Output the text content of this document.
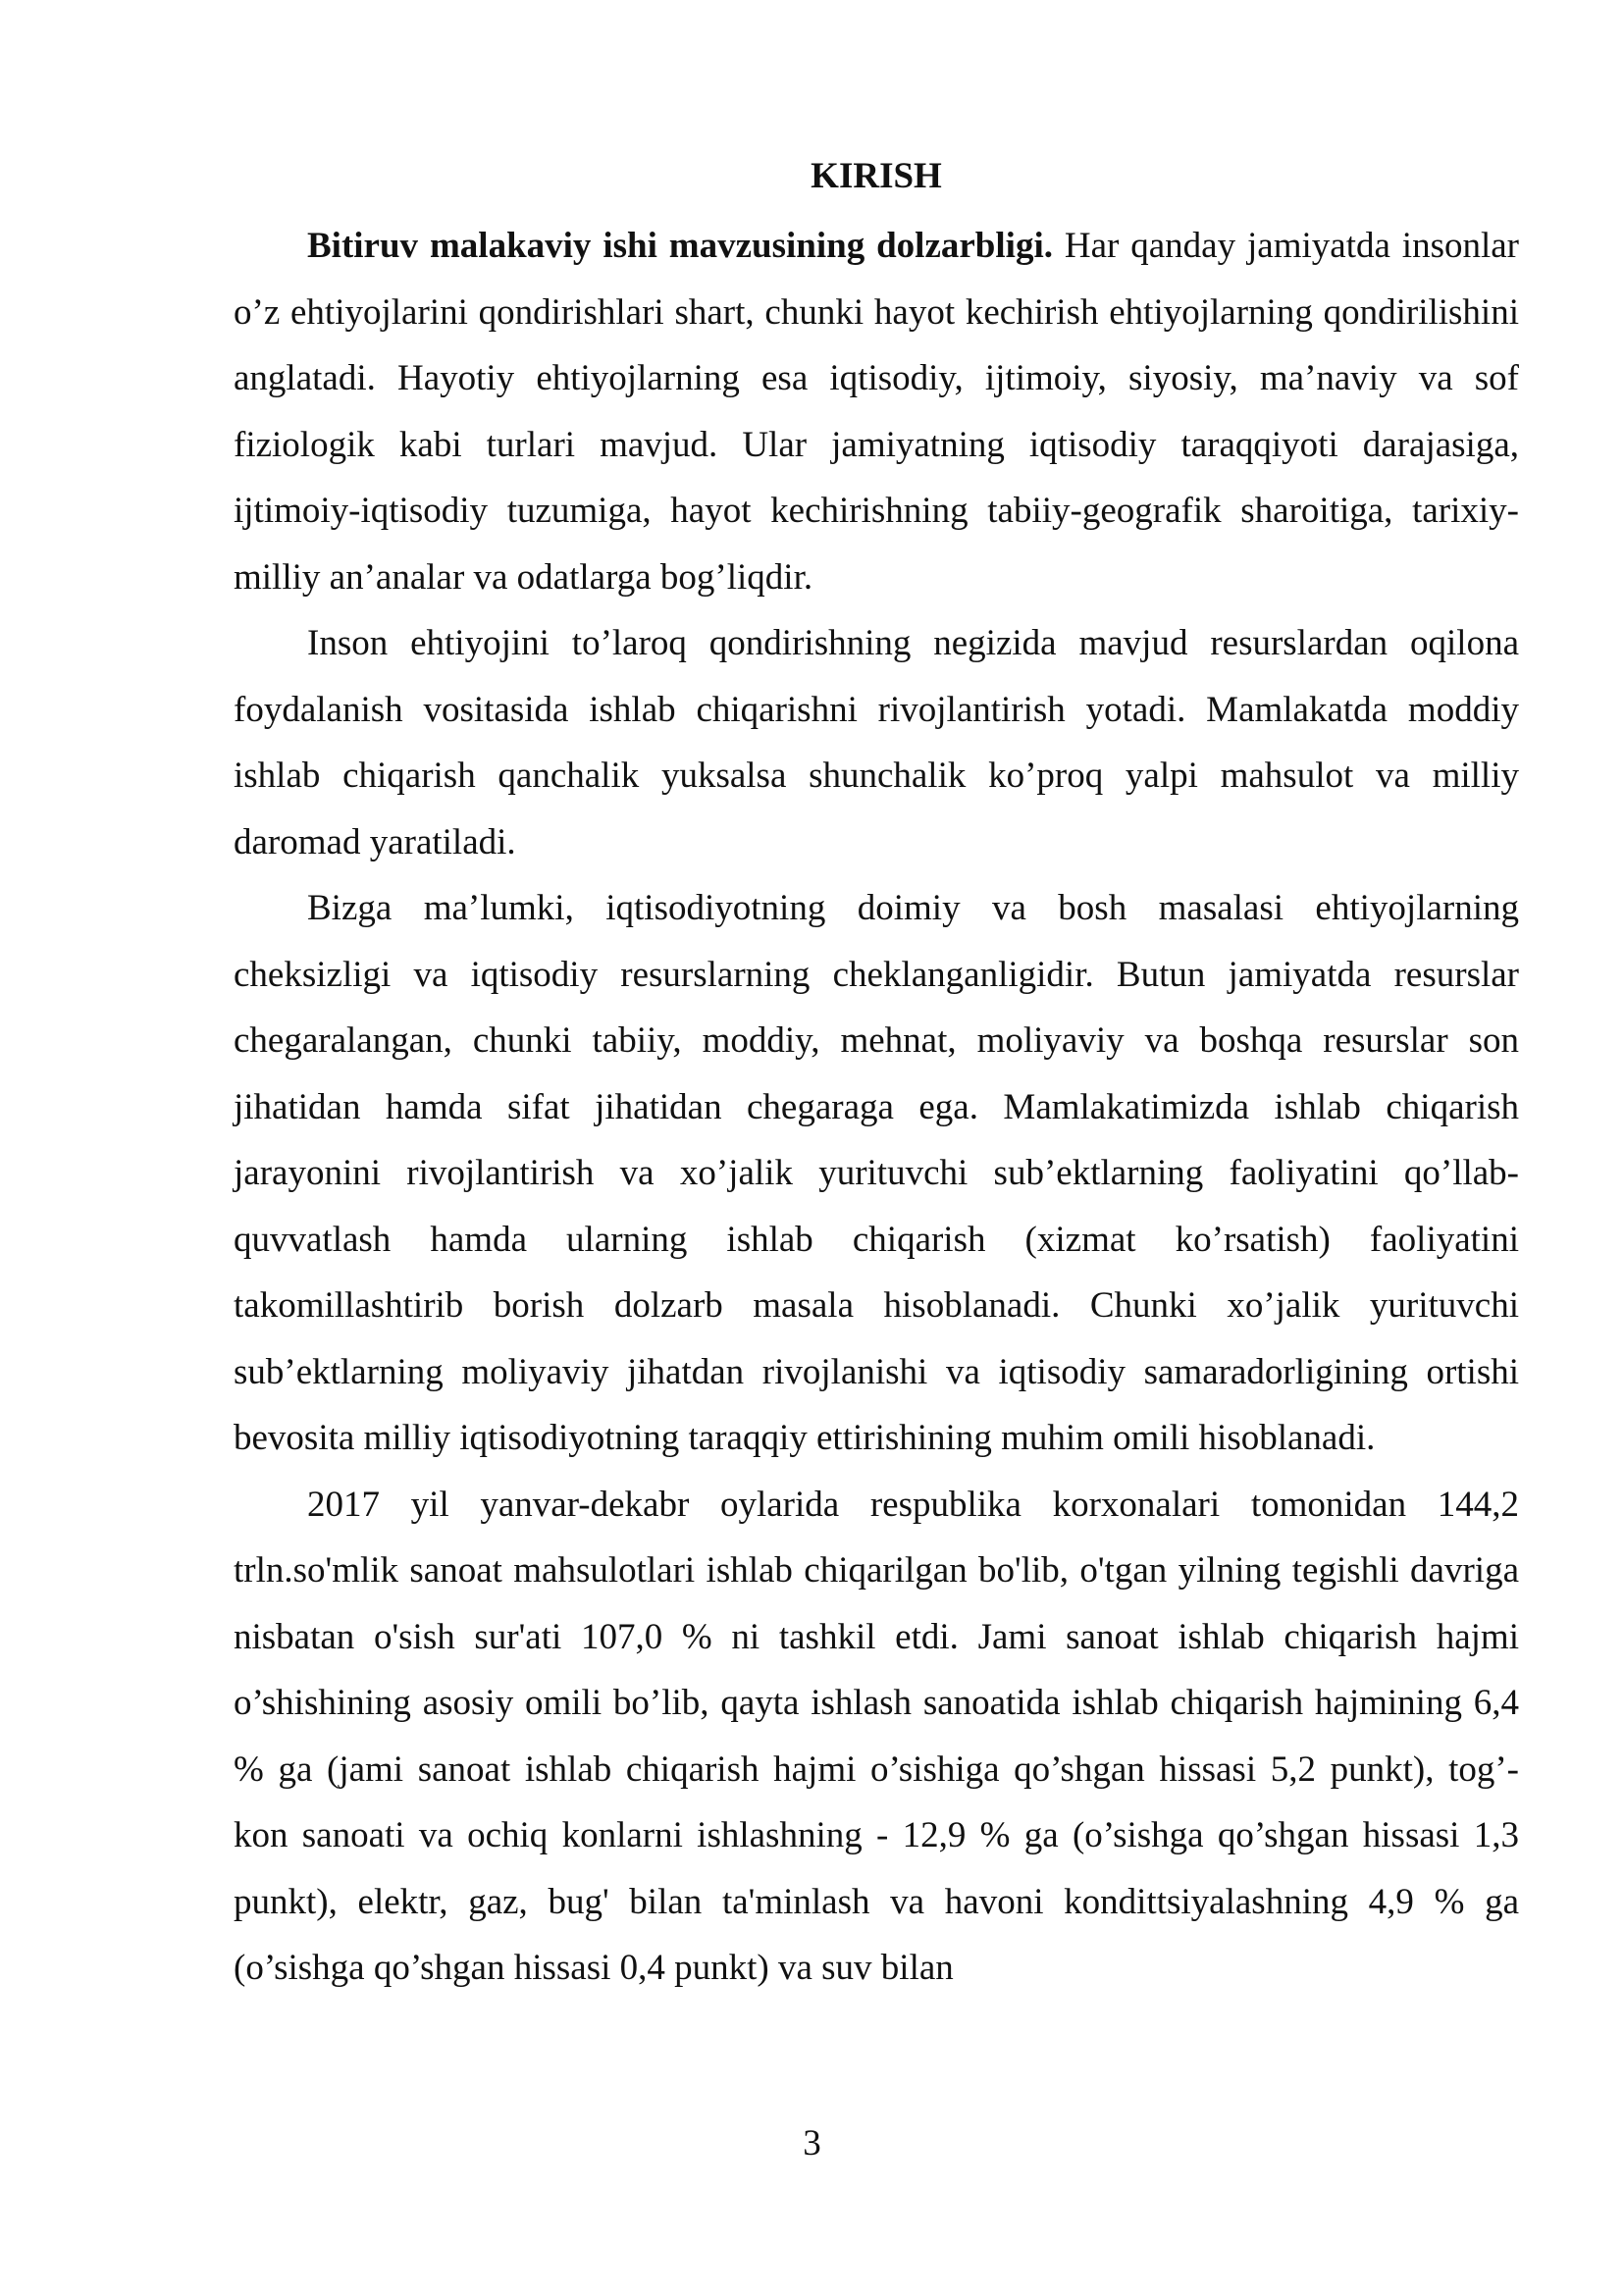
KIRISH

Bitiruv malakaviy ishi mavzusining dolzarbligi. Har qanday jamiyatda insonlar o’z ehtiyojlarini qondirishlari shart, chunki hayot kechirish ehtiyojlarning qondirilishini anglatadi. Hayotiy ehtiyojlarning esa iqtisodiy, ijtimoiy, siyosiy, ma’naviy va sof fiziologik kabi turlari mavjud. Ular jamiyatning iqtisodiy taraqqiyoti darajasiga, ijtimoiy-iqtisodiy tuzumiga, hayot kechirishning tabiiy-geografik sharoitiga, tarixiy-milliy an’analar va odatlarga bog’liqdir.

Inson ehtiyojini to’laroq qondirishning negizida mavjud resurslardan oqilona foydalanish vositasida ishlab chiqarishni rivojlantirish yotadi. Mamlakatda moddiy ishlab chiqarish qanchalik yuksalsa shunchalik ko’proq yalpi mahsulot va milliy daromad yaratiladi.

Bizga ma’lumki, iqtisodiyotning doimiy va bosh masalasi ehtiyojlarning cheksizligi va iqtisodiy resurslarning cheklanganligidir. Butun jamiyatda resurslar chegaralangan, chunki tabiiy, moddiy, mehnat, moliyaviy va boshqa resurslar son jihatidan hamda sifat jihatidan chegaraga ega. Mamlakatimizda ishlab chiqarish jarayonini rivojlantirish va xo’jalik yurituvchi sub’ektlarning faoliyatini qo’llab-quvvatlash hamda ularning ishlab chiqarish (xizmat ko’rsatish) faoliyatini takomillashtirib borish dolzarb masala hisoblanadi. Chunki xo’jalik yurituvchi sub’ektlarning moliyaviy jihatdan rivojlanishi va iqtisodiy samaradorligining ortishi bevosita milliy iqtisodiyotning taraqqiy ettirishining muhim omili hisoblanadi.

2017 yil yanvar-dekabr oylarida respublika korxonalari tomonidan 144,2 trln.so'mlik sanoat mahsulotlari ishlab chiqarilgan bo'lib, o'tgan yilning tegishli davriga nisbatan o'sish sur'ati 107,0 % ni tashkil etdi. Jami sanoat ishlab chiqarish hajmi o’shishining asosiy omili bo’lib, qayta ishlash sanoatida ishlab chiqarish hajmining 6,4 % ga (jami sanoat ishlab chiqarish hajmi o’sishiga qo’shgan hissasi 5,2 punkt), tog’- kon sanoati va ochiq konlarni ishlashning - 12,9 % ga (o’sishga qo’shgan hissasi 1,3 punkt), elektr, gaz, bug' bilan ta'minlash va havoni kondittsiyalashning 4,9 % ga (o’sishga qo’shgan hissasi 0,4 punkt) va suv bilan

3
